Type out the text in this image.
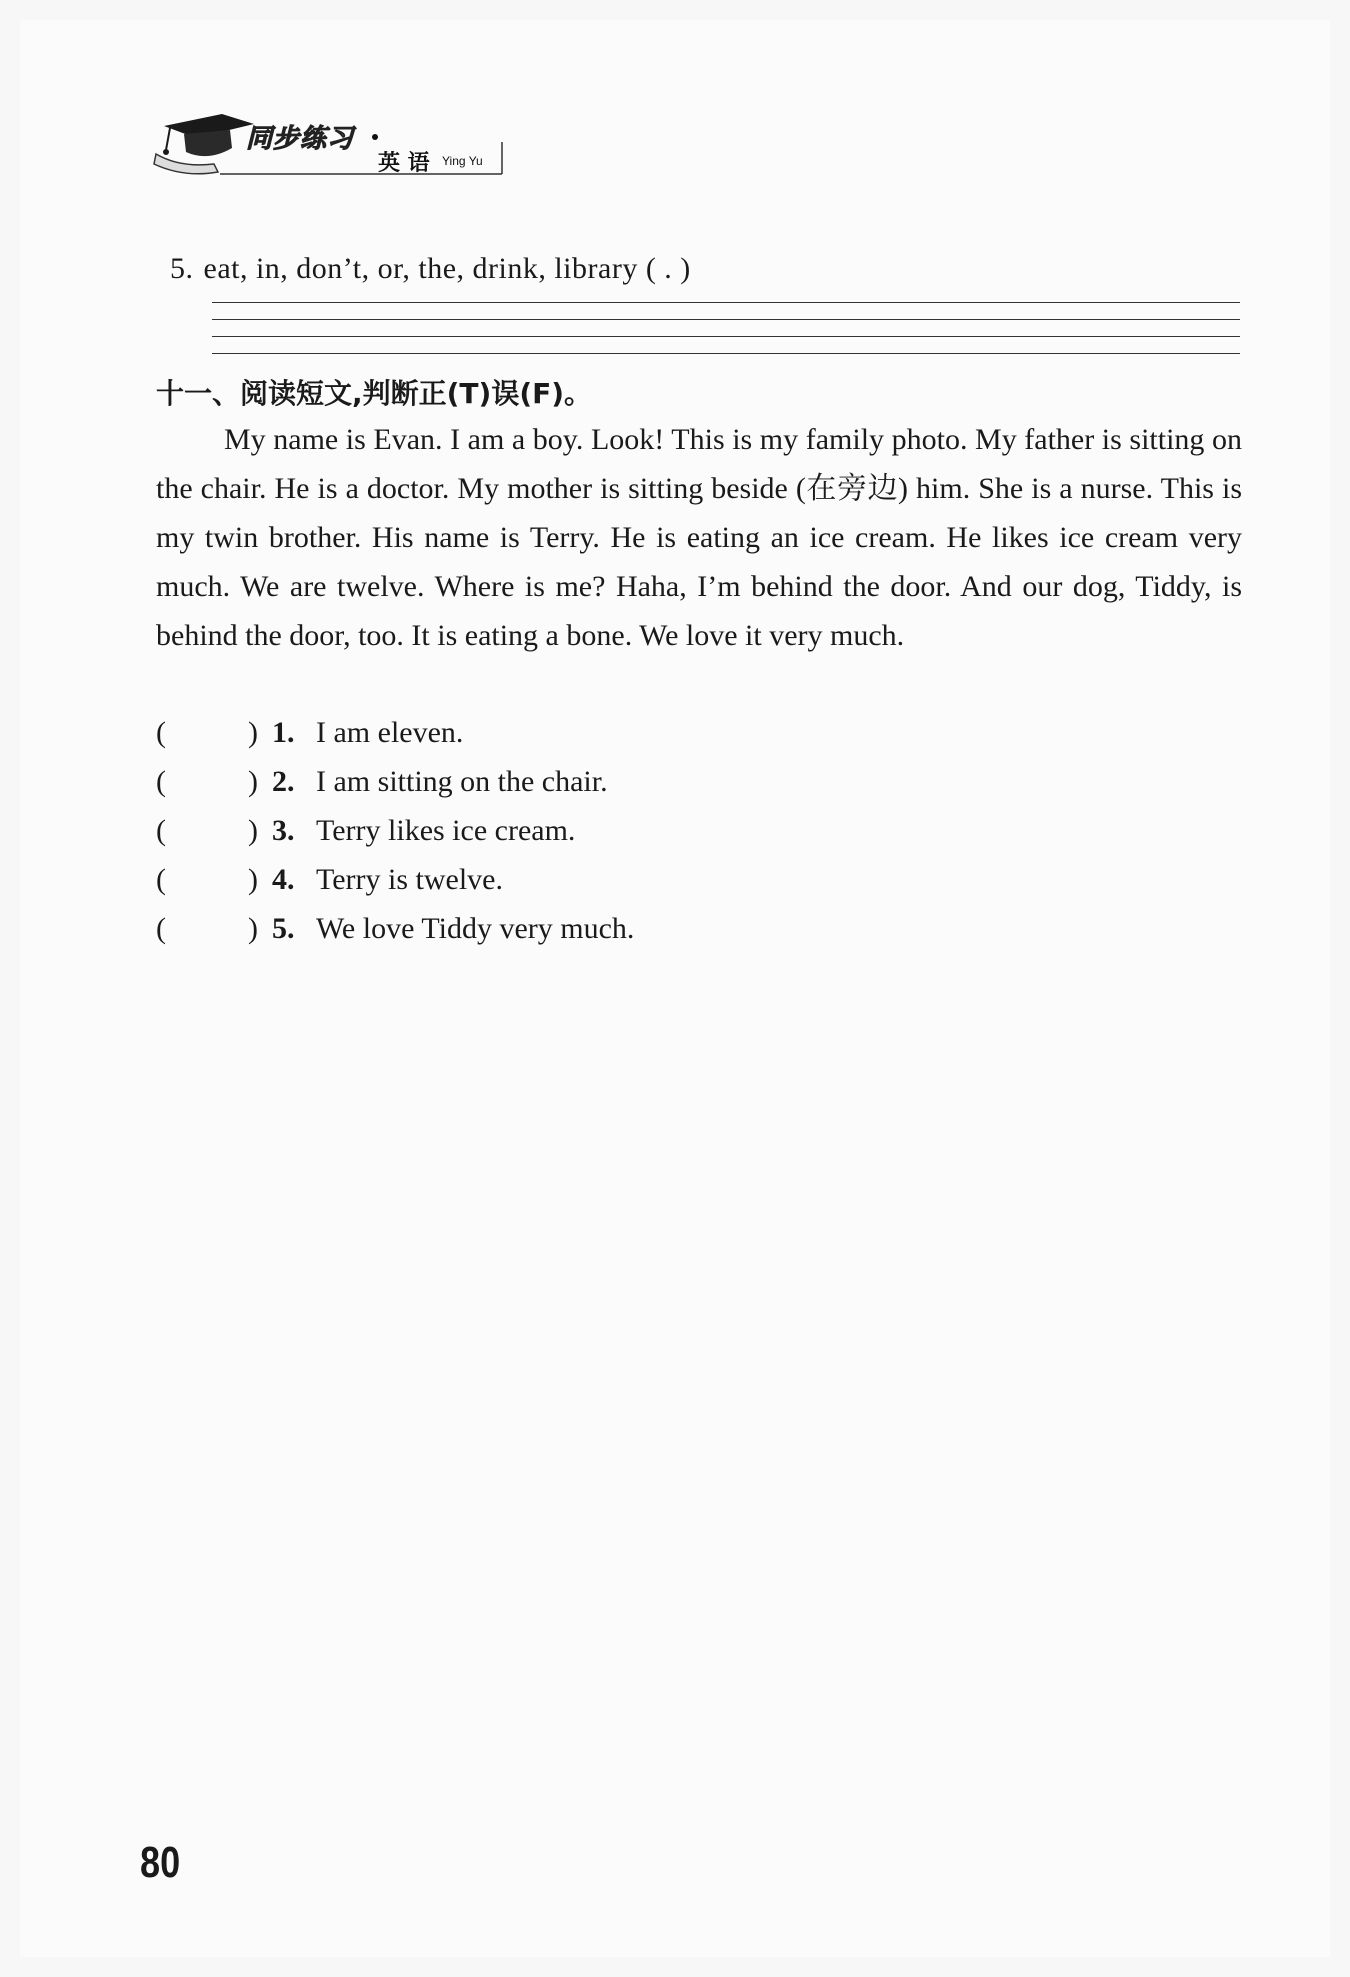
同步练习
英 语 Ying Yu
5. eat, in, don’t, or, the, drink, library ( . )
十一、阅读短文,判断正(T)误(F)。

My name is Evan. I am a boy. Look! This is my family photo. My father is sitting on the chair. He is a doctor. My mother is sitting beside (在旁边) him. She is a nurse. This is my twin brother. His name is Terry. He is eating an ice cream. He likes ice cream very much. We are twelve. Where is me? Haha, I’m behind the door. And our dog, Tiddy, is behind the door, too. It is eating a bone. We love it very much.

(	) 1. I am eleven.
(	) 2. I am sitting on the chair.
(	) 3. Terry likes ice cream.
(	) 4. Terry is twelve.
(	) 5. We love Tiddy very much.
80
